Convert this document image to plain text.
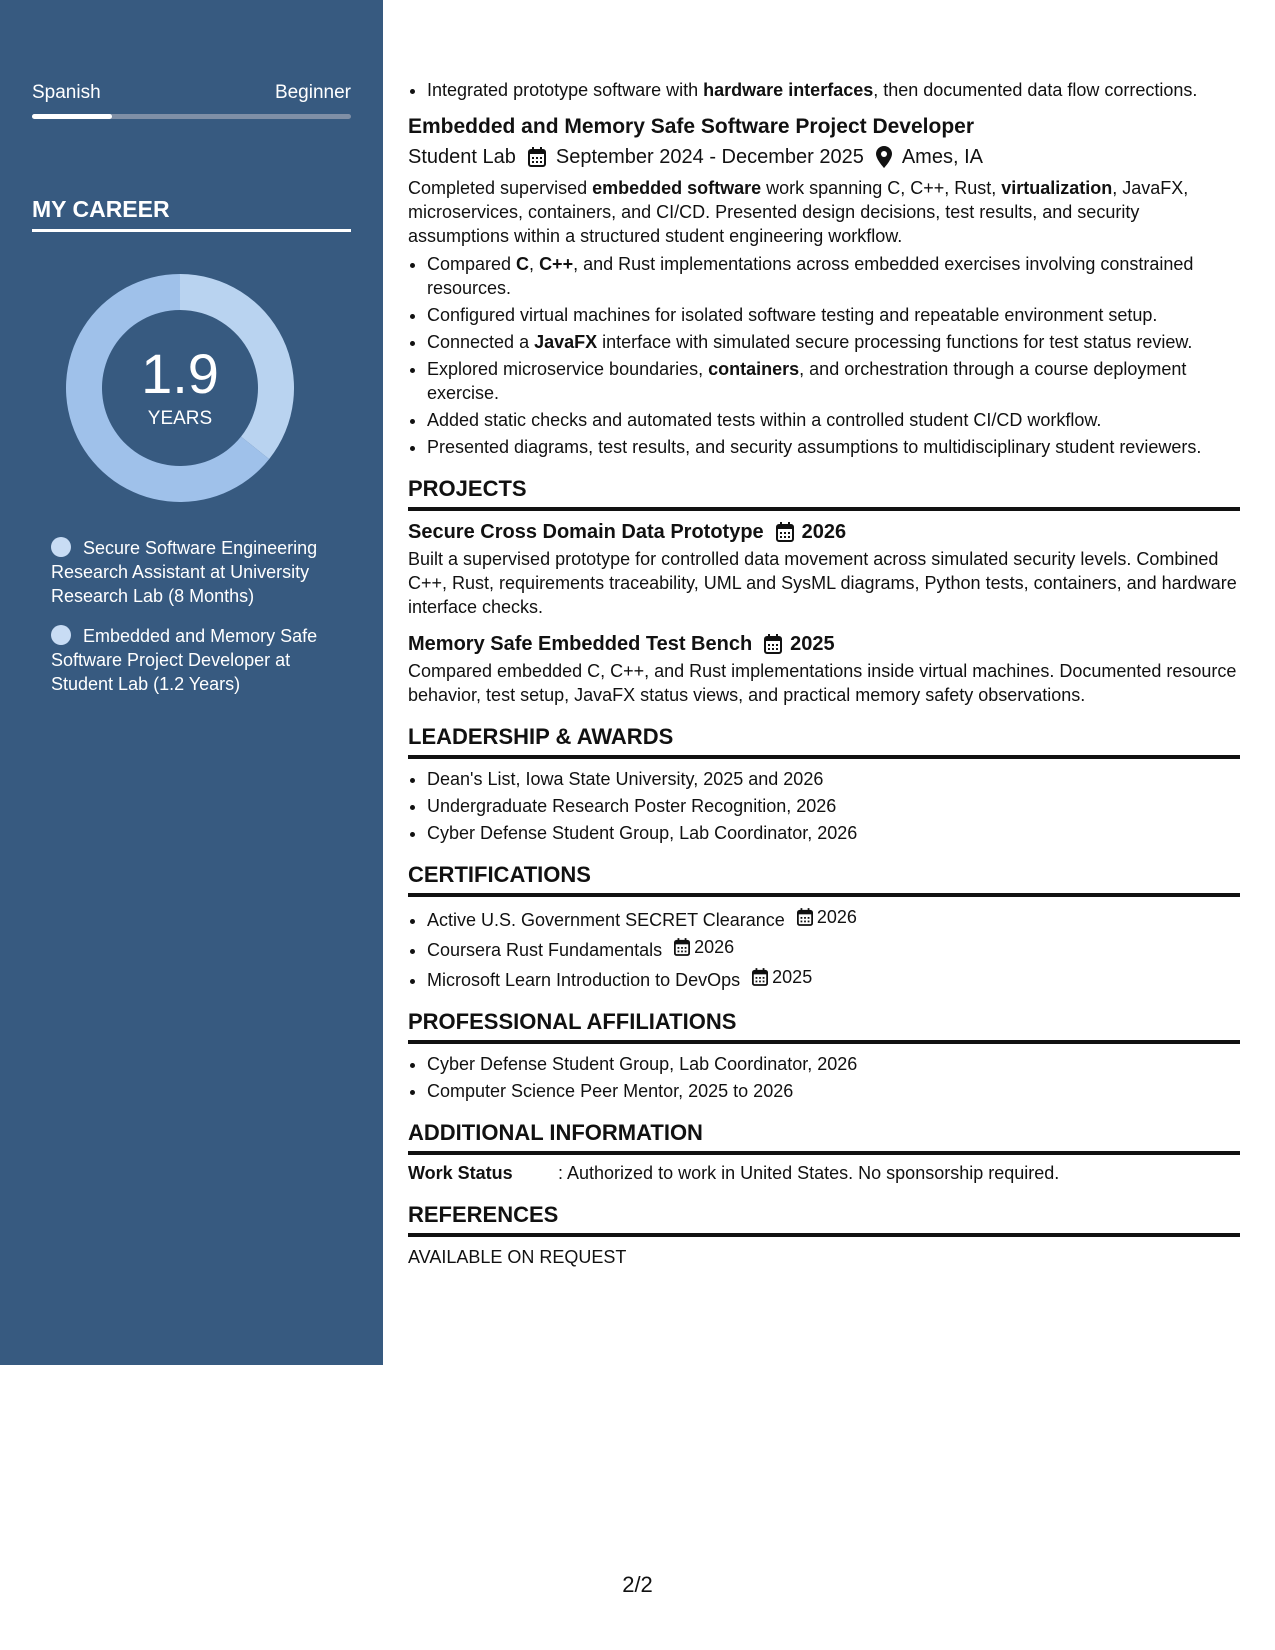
Spanish	Beginner
MY CAREER
1.9
YEARS
Secure Software Engineering Research Assistant at University Research Lab (8 Months)
Embedded and Memory Safe Software Project Developer at Student Lab (1.2 Years)
• Integrated prototype software with hardware interfaces, then documented data flow corrections.
Embedded and Memory Safe Software Project Developer
Student Lab September 2024 - December 2025 Ames, IA
Completed supervised embedded software work spanning C, C++, Rust, virtualization, JavaFX, microservices, containers, and CI/CD. Presented design decisions, test results, and security assumptions within a structured student engineering workflow.
• Compared C, C++, and Rust implementations across embedded exercises involving constrained resources.
• Configured virtual machines for isolated software testing and repeatable environment setup.
• Connected a JavaFX interface with simulated secure processing functions for test status review.
• Explored microservice boundaries, containers, and orchestration through a course deployment exercise.
• Added static checks and automated tests within a controlled student CI/CD workflow.
• Presented diagrams, test results, and security assumptions to multidisciplinary student reviewers.
PROJECTS
Secure Cross Domain Data Prototype 2026
Built a supervised prototype for controlled data movement across simulated security levels. Combined C++, Rust, requirements traceability, UML and SysML diagrams, Python tests, containers, and hardware interface checks.
Memory Safe Embedded Test Bench 2025
Compared embedded C, C++, and Rust implementations inside virtual machines. Documented resource behavior, test setup, JavaFX status views, and practical memory safety observations.
LEADERSHIP & AWARDS
• Dean's List, Iowa State University, 2025 and 2026
• Undergraduate Research Poster Recognition, 2026
• Cyber Defense Student Group, Lab Coordinator, 2026
CERTIFICATIONS
• Active U.S. Government SECRET Clearance 2026
• Coursera Rust Fundamentals 2026
• Microsoft Learn Introduction to DevOps 2025
PROFESSIONAL AFFILIATIONS
• Cyber Defense Student Group, Lab Coordinator, 2026
• Computer Science Peer Mentor, 2025 to 2026
ADDITIONAL INFORMATION
Work Status	: Authorized to work in United States. No sponsorship required.
REFERENCES
AVAILABLE ON REQUEST
2/2
